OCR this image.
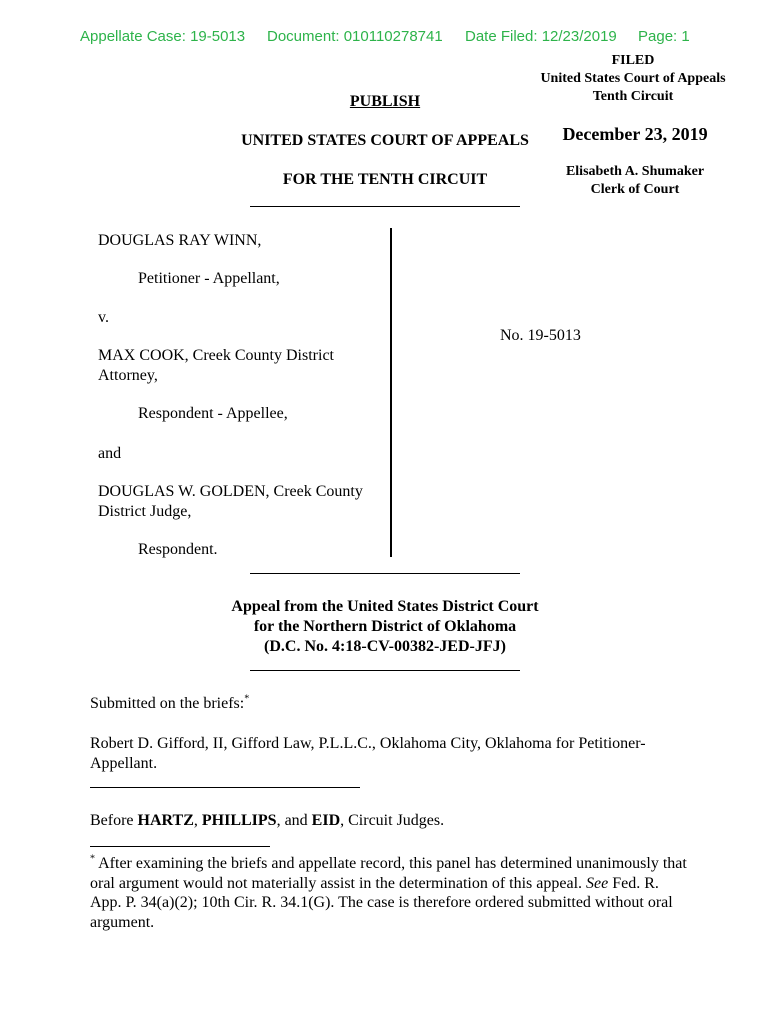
Appellate Case: 19-5013 Document: 010110278741 Date Filed: 12/23/2019 Page: 1
FILED
United States Court of Appeals
Tenth Circuit
December 23, 2019
Elisabeth A. Shumaker
Clerk of Court
PUBLISH
UNITED STATES COURT OF APPEALS
FOR THE TENTH CIRCUIT
DOUGLAS RAY WINN,
Petitioner - Appellant,
v.
MAX COOK, Creek County District Attorney,
Respondent - Appellee,
and
DOUGLAS W. GOLDEN, Creek County District Judge,
Respondent.
No. 19-5013
Appeal from the United States District Court
for the Northern District of Oklahoma
(D.C. No. 4:18-CV-00382-JED-JFJ)
Submitted on the briefs:*
Robert D. Gifford, II, Gifford Law, P.L.L.C., Oklahoma City, Oklahoma for Petitioner-Appellant.
Before HARTZ, PHILLIPS, and EID, Circuit Judges.
* After examining the briefs and appellate record, this panel has determined unanimously that oral argument would not materially assist in the determination of this appeal. See Fed. R. App. P. 34(a)(2); 10th Cir. R. 34.1(G). The case is therefore ordered submitted without oral argument.
